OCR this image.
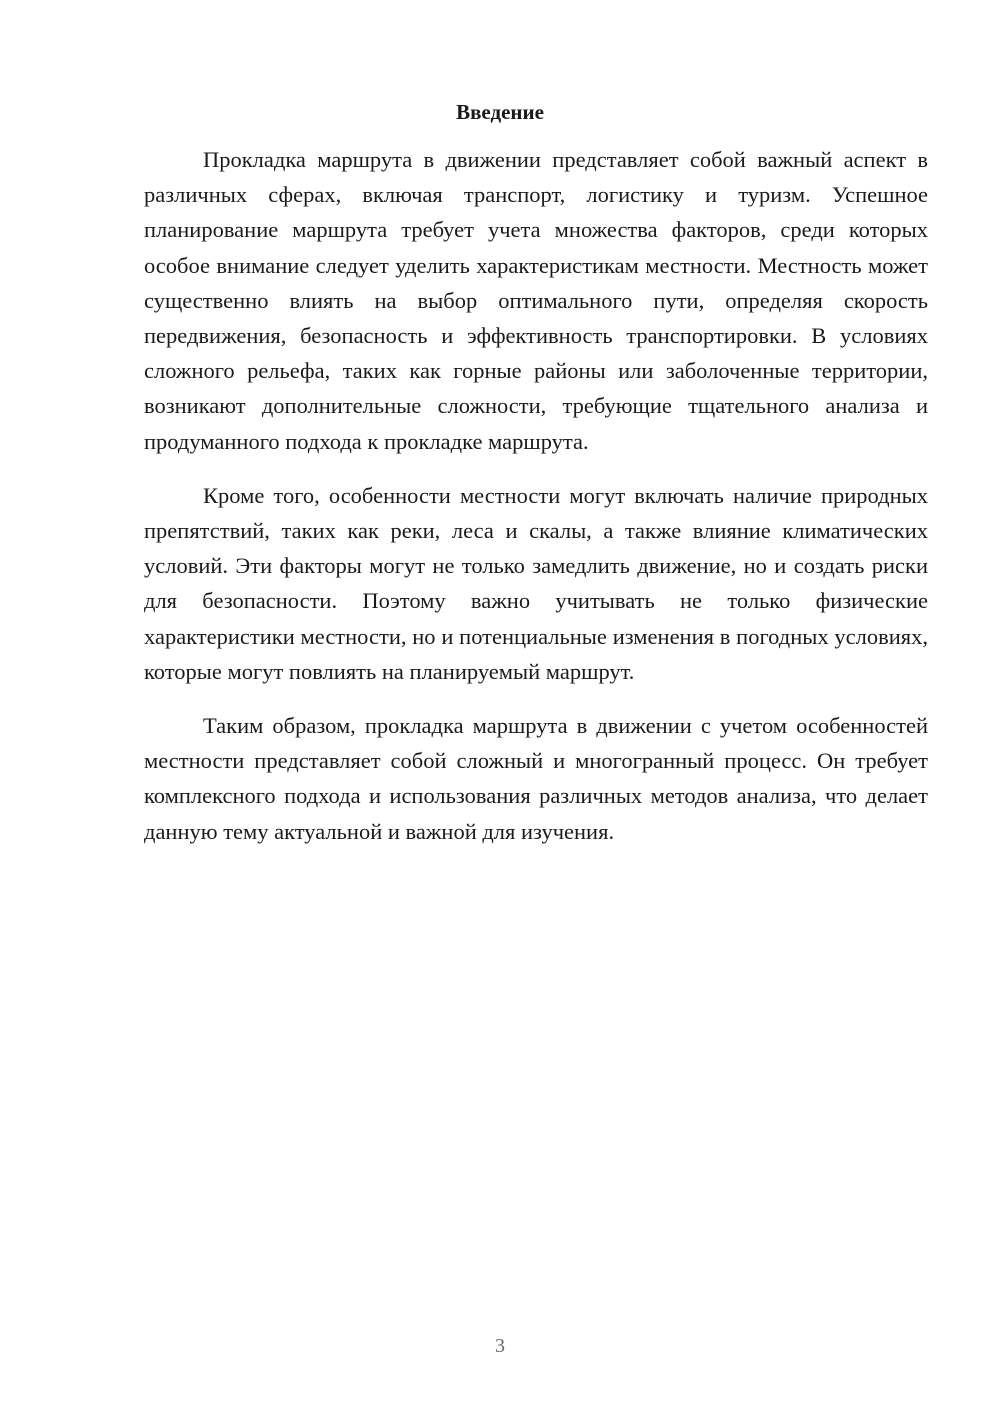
Введение

Прокладка маршрута в движении представляет собой важный аспект в различных сферах, включая транспорт, логистику и туризм. Успешное планирование маршрута требует учета множества факторов, среди которых особое внимание следует уделить характеристикам местности. Местность может существенно влиять на выбор оптимального пути, определяя скорость передвижения, безопасность и эффективность транспортировки. В условиях сложного рельефа, таких как горные районы или заболоченные территории, возникают дополнительные сложности, требующие тщательного анализа и продуманного подхода к прокладке маршрута.

Кроме того, особенности местности могут включать наличие природных препятствий, таких как реки, леса и скалы, а также влияние климатических условий. Эти факторы могут не только замедлить движение, но и создать риски для безопасности. Поэтому важно учитывать не только физические характеристики местности, но и потенциальные изменения в погодных условиях, которые могут повлиять на планируемый маршрут.

Таким образом, прокладка маршрута в движении с учетом особенностей местности представляет собой сложный и многогранный процесс. Он требует комплексного подхода и использования различных методов анализа, что делает данную тему актуальной и важной для изучения.

3
